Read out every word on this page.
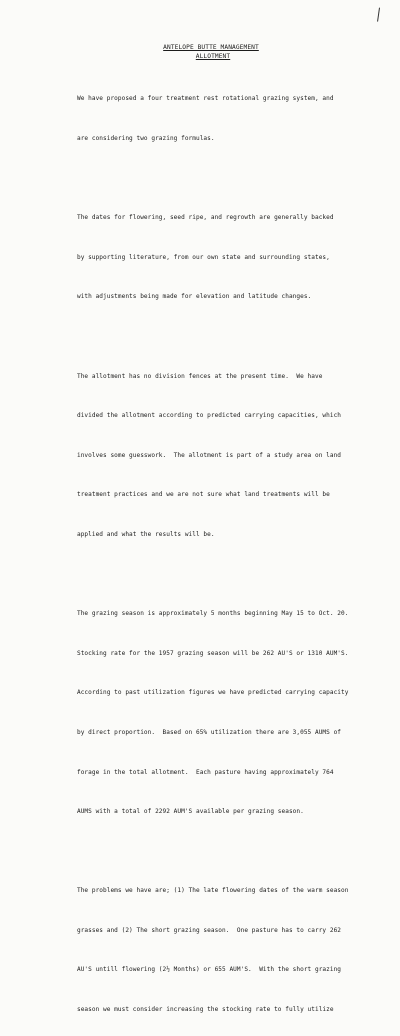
ANTELOPE BUTTE MANAGEMENT
ALLOTMENT

We have proposed a four treatment rest rotational grazing system, and

are considering two grazing formulas.

The dates for flowering, seed ripe, and regrowth are generally backed

by supporting literature, from our own state and surrounding states,

with adjustments being made for elevation and latitude changes.

The allotment has no division fences at the present time.  We have

divided the allotment according to predicted carrying capacities, which

involves some guesswork.  The allotment is part of a study area on land

treatment practices and we are not sure what land treatments will be

applied and what the results will be.

The grazing season is approximately 5 months beginning May 15 to Oct. 20.

Stocking rate for the 1957 grazing season will be 262 AU'S or 1310 AUM'S.

According to past utilization figures we have predicted carrying capacity

by direct proportion.  Based on 65% utilization there are 3,055 AUMS of

forage in the total allotment.  Each pasture having approximately 764

AUMS with a total of 2292 AUM'S available per grazing season.

The problems we have are; (1) The late flowering dates of the warm season

grasses and (2) The short grazing season.  One pasture has to carry 262

AU'S untill flowering (2½ Months) or 655 AUM'S.  With the short grazing

season we must consider increasing the stocking rate to fully utilize
